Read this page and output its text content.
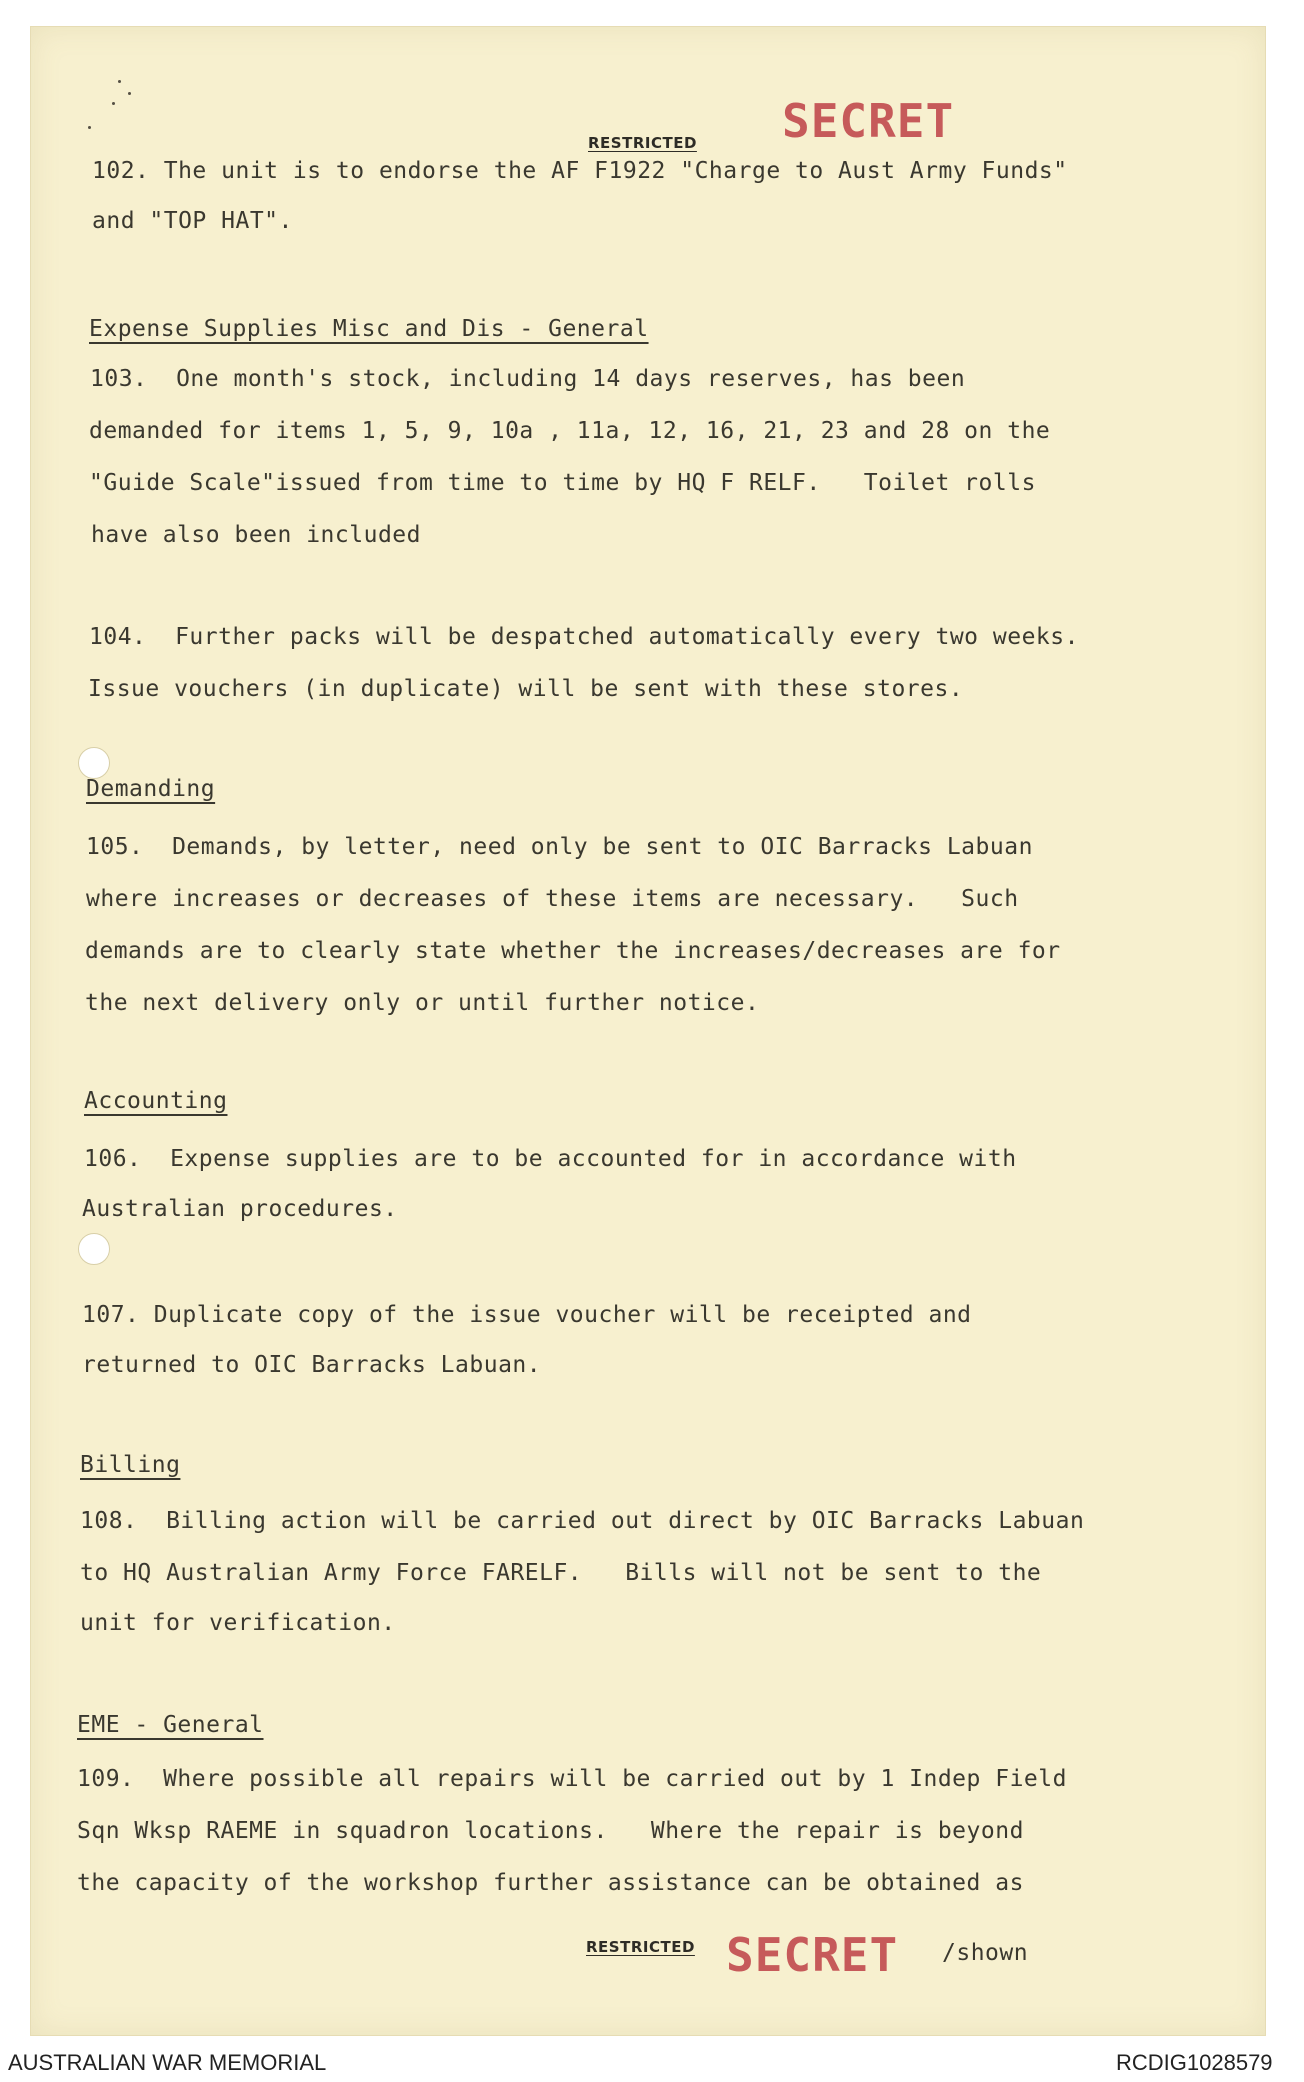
RESTRICTED SECRET
102. The unit is to endorse the AF F1922 "Charge to Aust Army Funds"
and "TOP HAT".
Expense Supplies Misc and Dis - General
103.  One month's stock, including 14 days reserves, has been
demanded for items 1, 5, 9, 10a , 11a, 12, 16, 21, 23 and 28 on the
"Guide Scale"issued from time to time by HQ F RELF.   Toilet rolls
have also been included
104.  Further packs will be despatched automatically every two weeks.
Issue vouchers (in duplicate) will be sent with these stores.
Demanding
105.  Demands, by letter, need only be sent to OIC Barracks Labuan
where increases or decreases of these items are necessary.   Such
demands are to clearly state whether the increases/decreases are for
the next delivery only or until further notice.
Accounting
106.  Expense supplies are to be accounted for in accordance with
Australian procedures.
107. Duplicate copy of the issue voucher will be receipted and
returned to OIC Barracks Labuan.
Billing
108.  Billing action will be carried out direct by OIC Barracks Labuan
to HQ Australian Army Force FARELF.   Bills will not be sent to the
unit for verification.
EME - General
109.  Where possible all repairs will be carried out by 1 Indep Field
Sqn Wksp RAEME in squadron locations.   Where the repair is beyond
the capacity of the workshop further assistance can be obtained as
RESTRICTED SECRET /shown
AUSTRALIAN WAR MEMORIAL	RCDIG1028579
